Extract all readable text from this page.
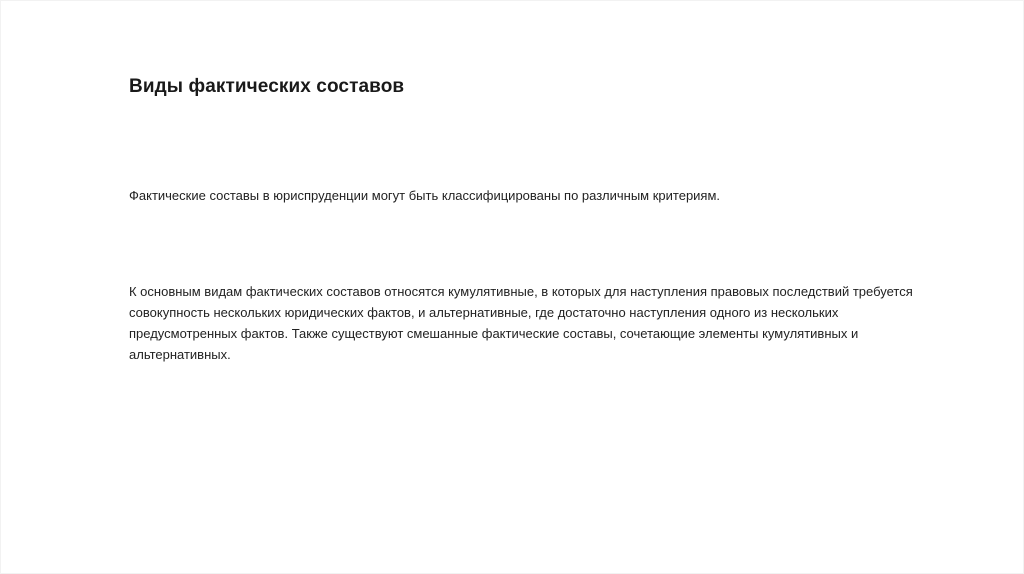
Виды фактических составов

Фактические составы в юриспруденции могут быть классифицированы по различным критериям.

К основным видам фактических составов относятся кумулятивные, в которых для наступления правовых последствий требуется
совокупность нескольких юридических фактов, и альтернативные, где достаточно наступления одного из нескольких
предусмотренных фактов. Также существуют смешанные фактические составы, сочетающие элементы кумулятивных и
альтернативных.
